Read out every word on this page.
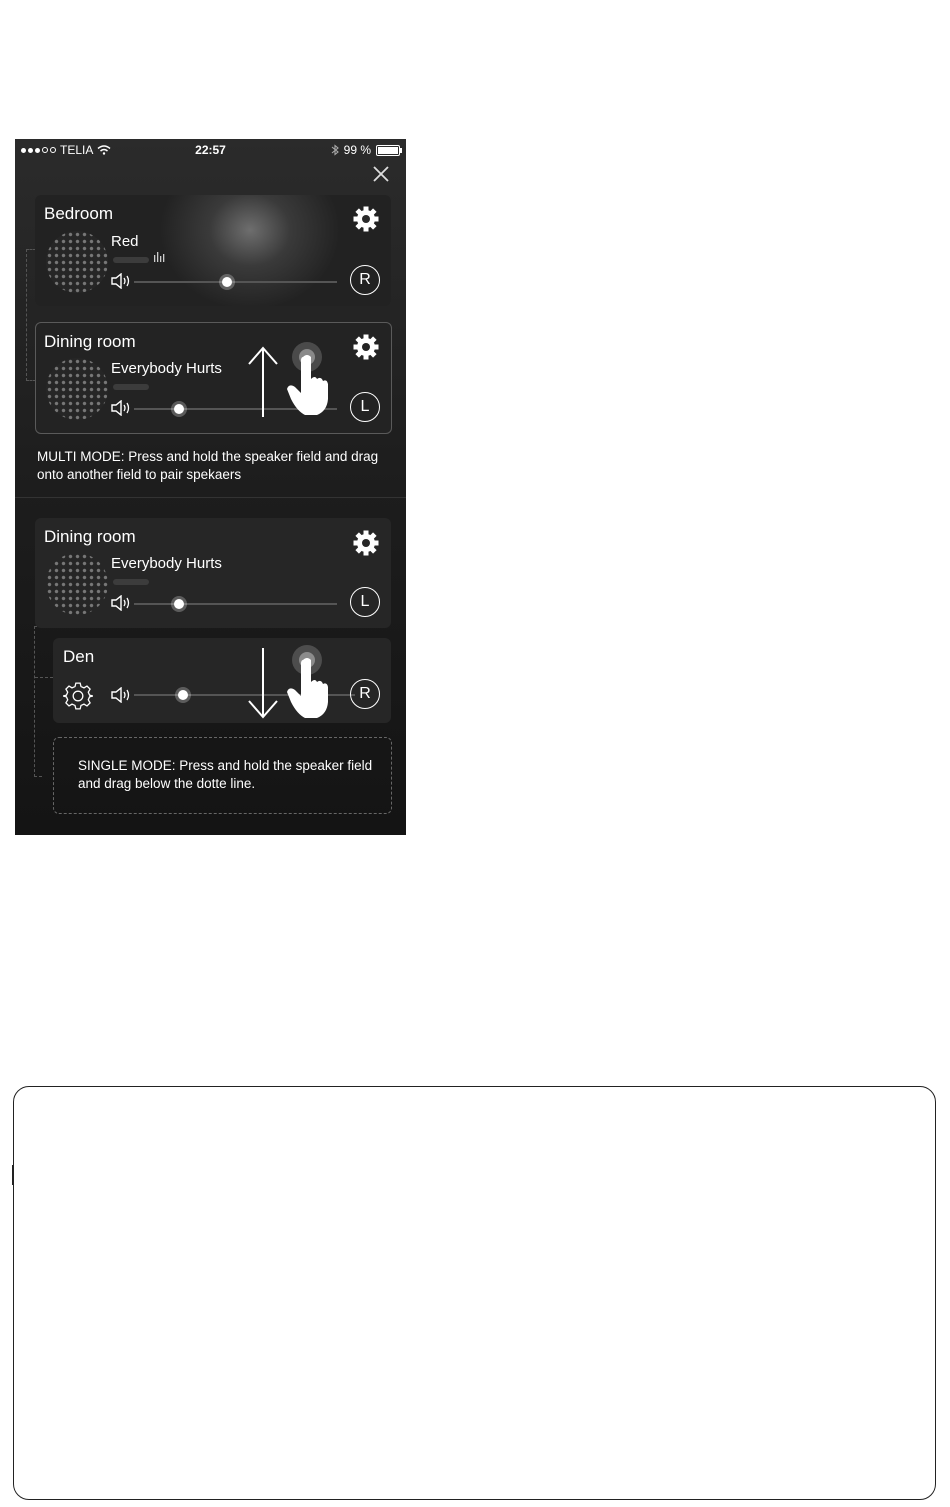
TELIA	22:57	99 %
Bedroom
Red
R
Dining room
Everybody Hurts
L
MULTI MODE: Press and hold the speaker field and drag onto another field to pair spekaers
Dining room
Everybody Hurts
L
Den
R
SINGLE MODE: Press and hold the speaker field and drag below the dotte line.
